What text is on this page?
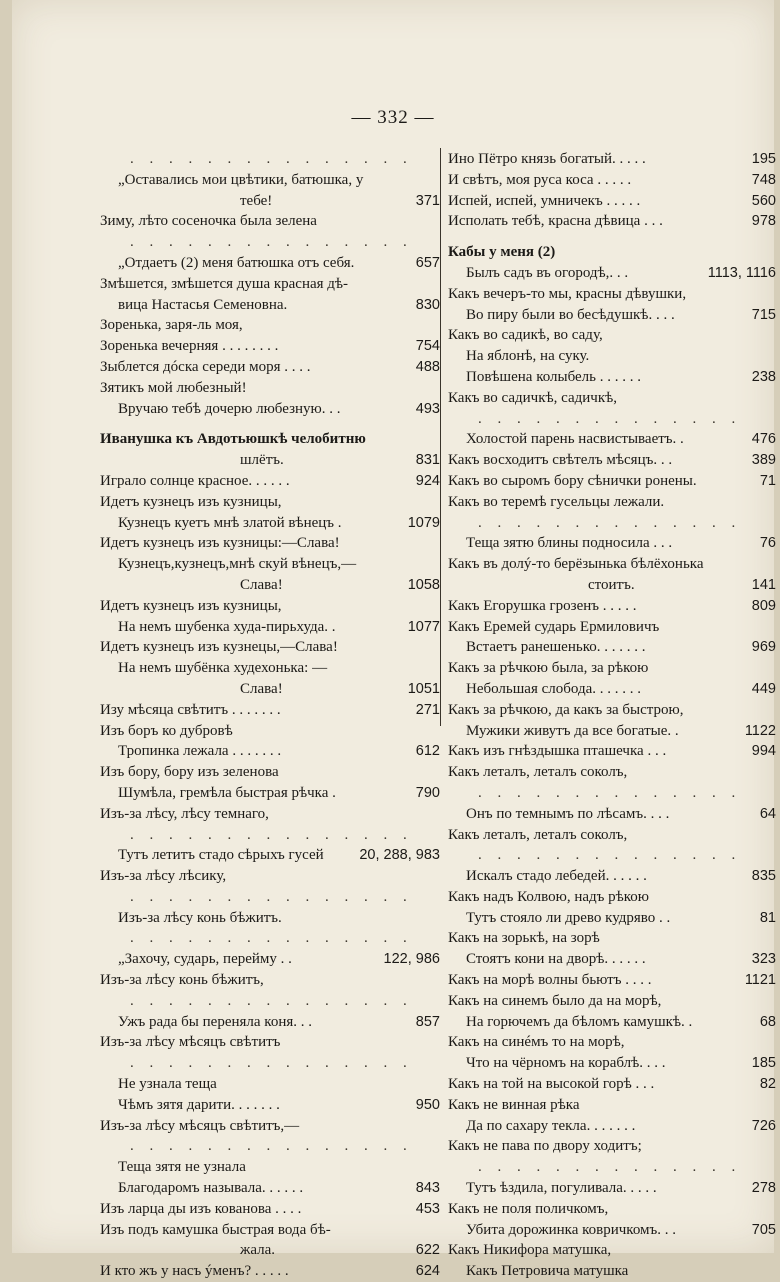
— 332 —
. . . . . . . . . . . . . . .
„Оставались мои цвѣтики, батюшка, у
тебе!	371
Зиму, лѣто сосеночка была зелена
. . . . . . . . . . . . . . .
„Отдаетъ (2) меня батюшка отъ себя.	657
Змѣшется, змѣшется душа красная дѣ-
вица Настасья Семеновна.	830
Зоренька, заря-ль моя,
Зоренька вечерняя . . . . . . . .	754
Зыблется дóска середи моря . . . .	488
Зятикъ мой любезный!
Вручаю тебѣ дочерю любезную. . .	493
Иванушка къ Авдотьюшкѣ челобитню
шлётъ.	831
Играло солнце красное. . . . . .	924
Идетъ кузнецъ изъ кузницы,
Кузнецъ куетъ мнѣ златой вѣнецъ .	1079
Идетъ кузнецъ изъ кузницы:—Слава!
Кузнецъ,кузнецъ,мнѣ скуй вѣнецъ,—
Слава!	1058
Идетъ кузнецъ изъ кузницы,
На немъ шубенка худа-пирьхуда. .	1077
Идетъ кузнецъ изъ кузнецы,—Слава!
На немъ шубёнка худехонька: —
Слава!	1051
Изу мѣсяца свѣтитъ . . . . . . .	271
Изъ боръ ко дубровѣ
Тропинка лежала . . . . . . .	612
Изъ бору, бору изъ зеленова
Шумѣла, гремѣла быстрая рѣчка .	790
Изъ-за лѣсу, лѣсу темнаго,
. . . . . . . . . . . . . . .
Тутъ летитъ стадо сѣрыхъ гусей 20, 288, 983
Изъ-за лѣсу лѣсику,
. . . . . . . . . . . . . . .
Изъ-за лѣсу конь бѣжитъ.
. . . . . . . . . . . . . . .
„Захочу, сударь, перейму . .	122, 986
Изъ-за лѣсу конь бѣжитъ,
. . . . . . . . . . . . . . .
Ужъ рада бы переняла коня. . .	857
Изъ-за лѣсу мѣсяцъ свѣтитъ
. . . . . . . . . . . . . . .
Не узнала теща
Чѣмъ зятя дарити. . . . . . .	950
Изъ-за лѣсу мѣсяцъ свѣтитъ,—
. . . . . . . . . . . . . . .
Теща зятя не узнала
Благодаромъ называла. . . . . .	843
Изъ ларца ды изъ кованова . . . .	453
Изъ подъ камушка быстрая вода бѣ-
жала.	622
И кто жъ у насъ ýменъ? . . . . .	624
Ино Пётро князь богатый. . . . .	195
И свѣтъ, моя руса коса . . . . .	748
Испей, испей, умничекъ . . . . .	560
Исполать тебѣ, красна дѣвица . . .	978
Кабы у меня (2)
Былъ садъ въ огородѣ,. . .	1113, 1116
Какъ вечеръ-то мы, красны дѣвушки,
Во пиру были во бесѣдушкѣ. . . .	715
Какъ во садикѣ, во саду,
На яблонѣ, на суку.
Повѣшена колыбель . . . . . .	238
Какъ во садичкѣ, садичкѣ,
. . . . . . . . . . . . . .
Холостой парень насвистываетъ. .	476
Какъ восходитъ свѣтелъ мѣсяцъ. . .	389
Какъ во сыромъ бору сѣнички ронены.	71
Какъ во теремѣ гусельцы лежали.
. . . . . . . . . . . . . .
Теща зятю блины подносила . . .	76
Какъ въ долý-то берёзынька бѣлёхонька
стоитъ.	141
Какъ Егорушка грозенъ . . . . .	809
Какъ Еремей сударь Ермиловичъ
Встаетъ ранешенько. . . . . . .	969
Какъ за рѣчкою была, за рѣкою
Небольшая слобода. . . . . . .	449
Какъ за рѣчкою, да какъ за быстрою,
Мужики живутъ да все богатые. .	1122
Какъ изъ гнѣздышка пташечка . . .	994
Какъ леталъ, леталъ соколъ,
. . . . . . . . . . . . . .
Онъ по темнымъ по лѣсамъ. . . .	64
Какъ леталъ, леталъ соколъ,
. . . . . . . . . . . . . .
Искалъ стадо лебедей. . . . . .	835
Какъ надъ Колвою, надъ рѣкою
Тутъ стояло ли древо кудряво . .	81
Какъ на зорькѣ, на зорѣ
Стоятъ кони на дворѣ. . . . . .	323
Какъ на морѣ волны бьютъ . . . .	1121
Какъ на синемъ было да на морѣ,
На горючемъ да бѣломъ камушкѣ. .	68
Какъ на синéмъ то на морѣ,
Что на чёрномъ на кораблѣ. . . .	185
Какъ на той на высокой горѣ . . .	82
Какъ не винная рѣка
Да по сахару текла. . . . . . .	726
Какъ не пава по двору ходитъ;
. . . . . . . . . . . . . .
Тутъ ѣздила, погуливала. . . . .	278
Какъ не поля поличкомъ,
Убита дорожинка ковричкомъ. . .	705
Какъ Никифора матушка,
Какъ Петровича матушка
